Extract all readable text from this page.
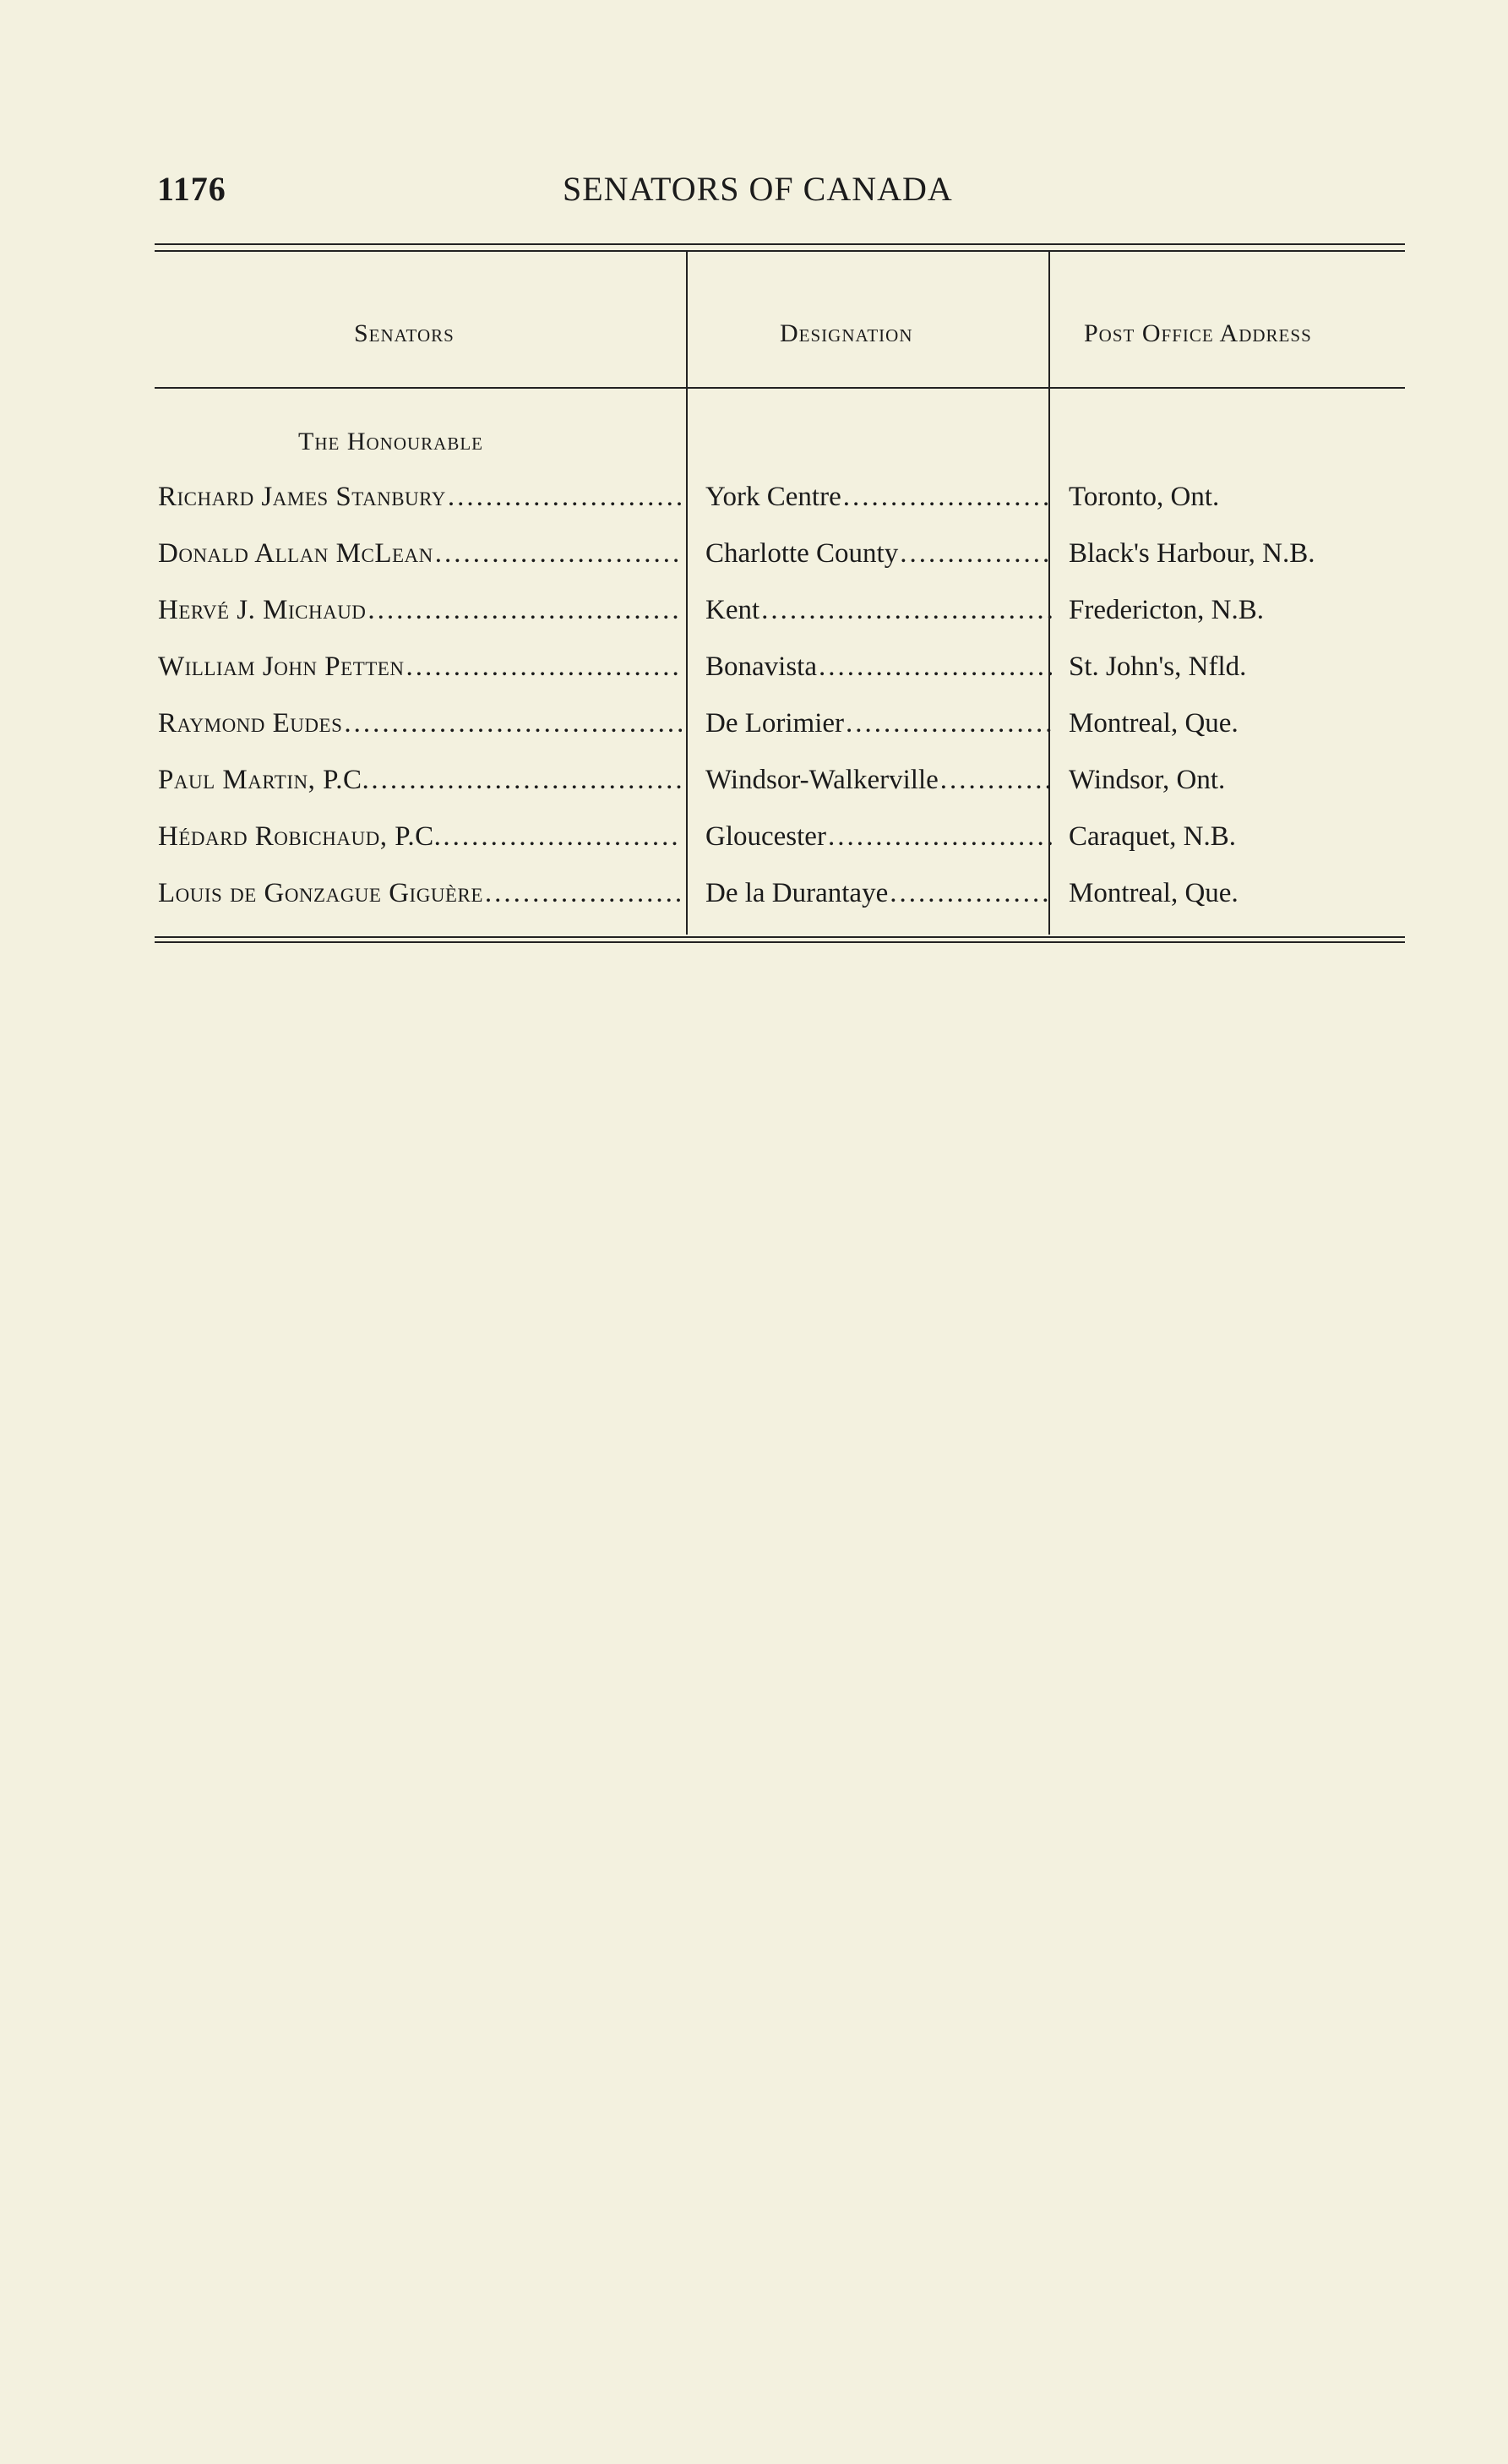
1176	SENATORS OF CANADA
Senators	Designation	Post Office Address
The Honourable
Richard James Stanbury .....	York Centre .....	Toronto, Ont.
Donald Allan McLean .....	Charlotte County .....	Black's Harbour, N.B.
Hervé J. Michaud .....	Kent .....	Fredericton, N.B.
William John Petten .....	Bonavista .....	St. John's, Nfld.
Raymond Eudes .....	De Lorimier .....	Montreal, Que.
Paul Martin, P.C. .....	Windsor-Walkerville .....	Windsor, Ont.
Hédard Robichaud, P.C. .....	Gloucester .....	Caraquet, N.B.
Louis de Gonzague Giguère .....	De la Durantaye .....	Montreal, Que.
